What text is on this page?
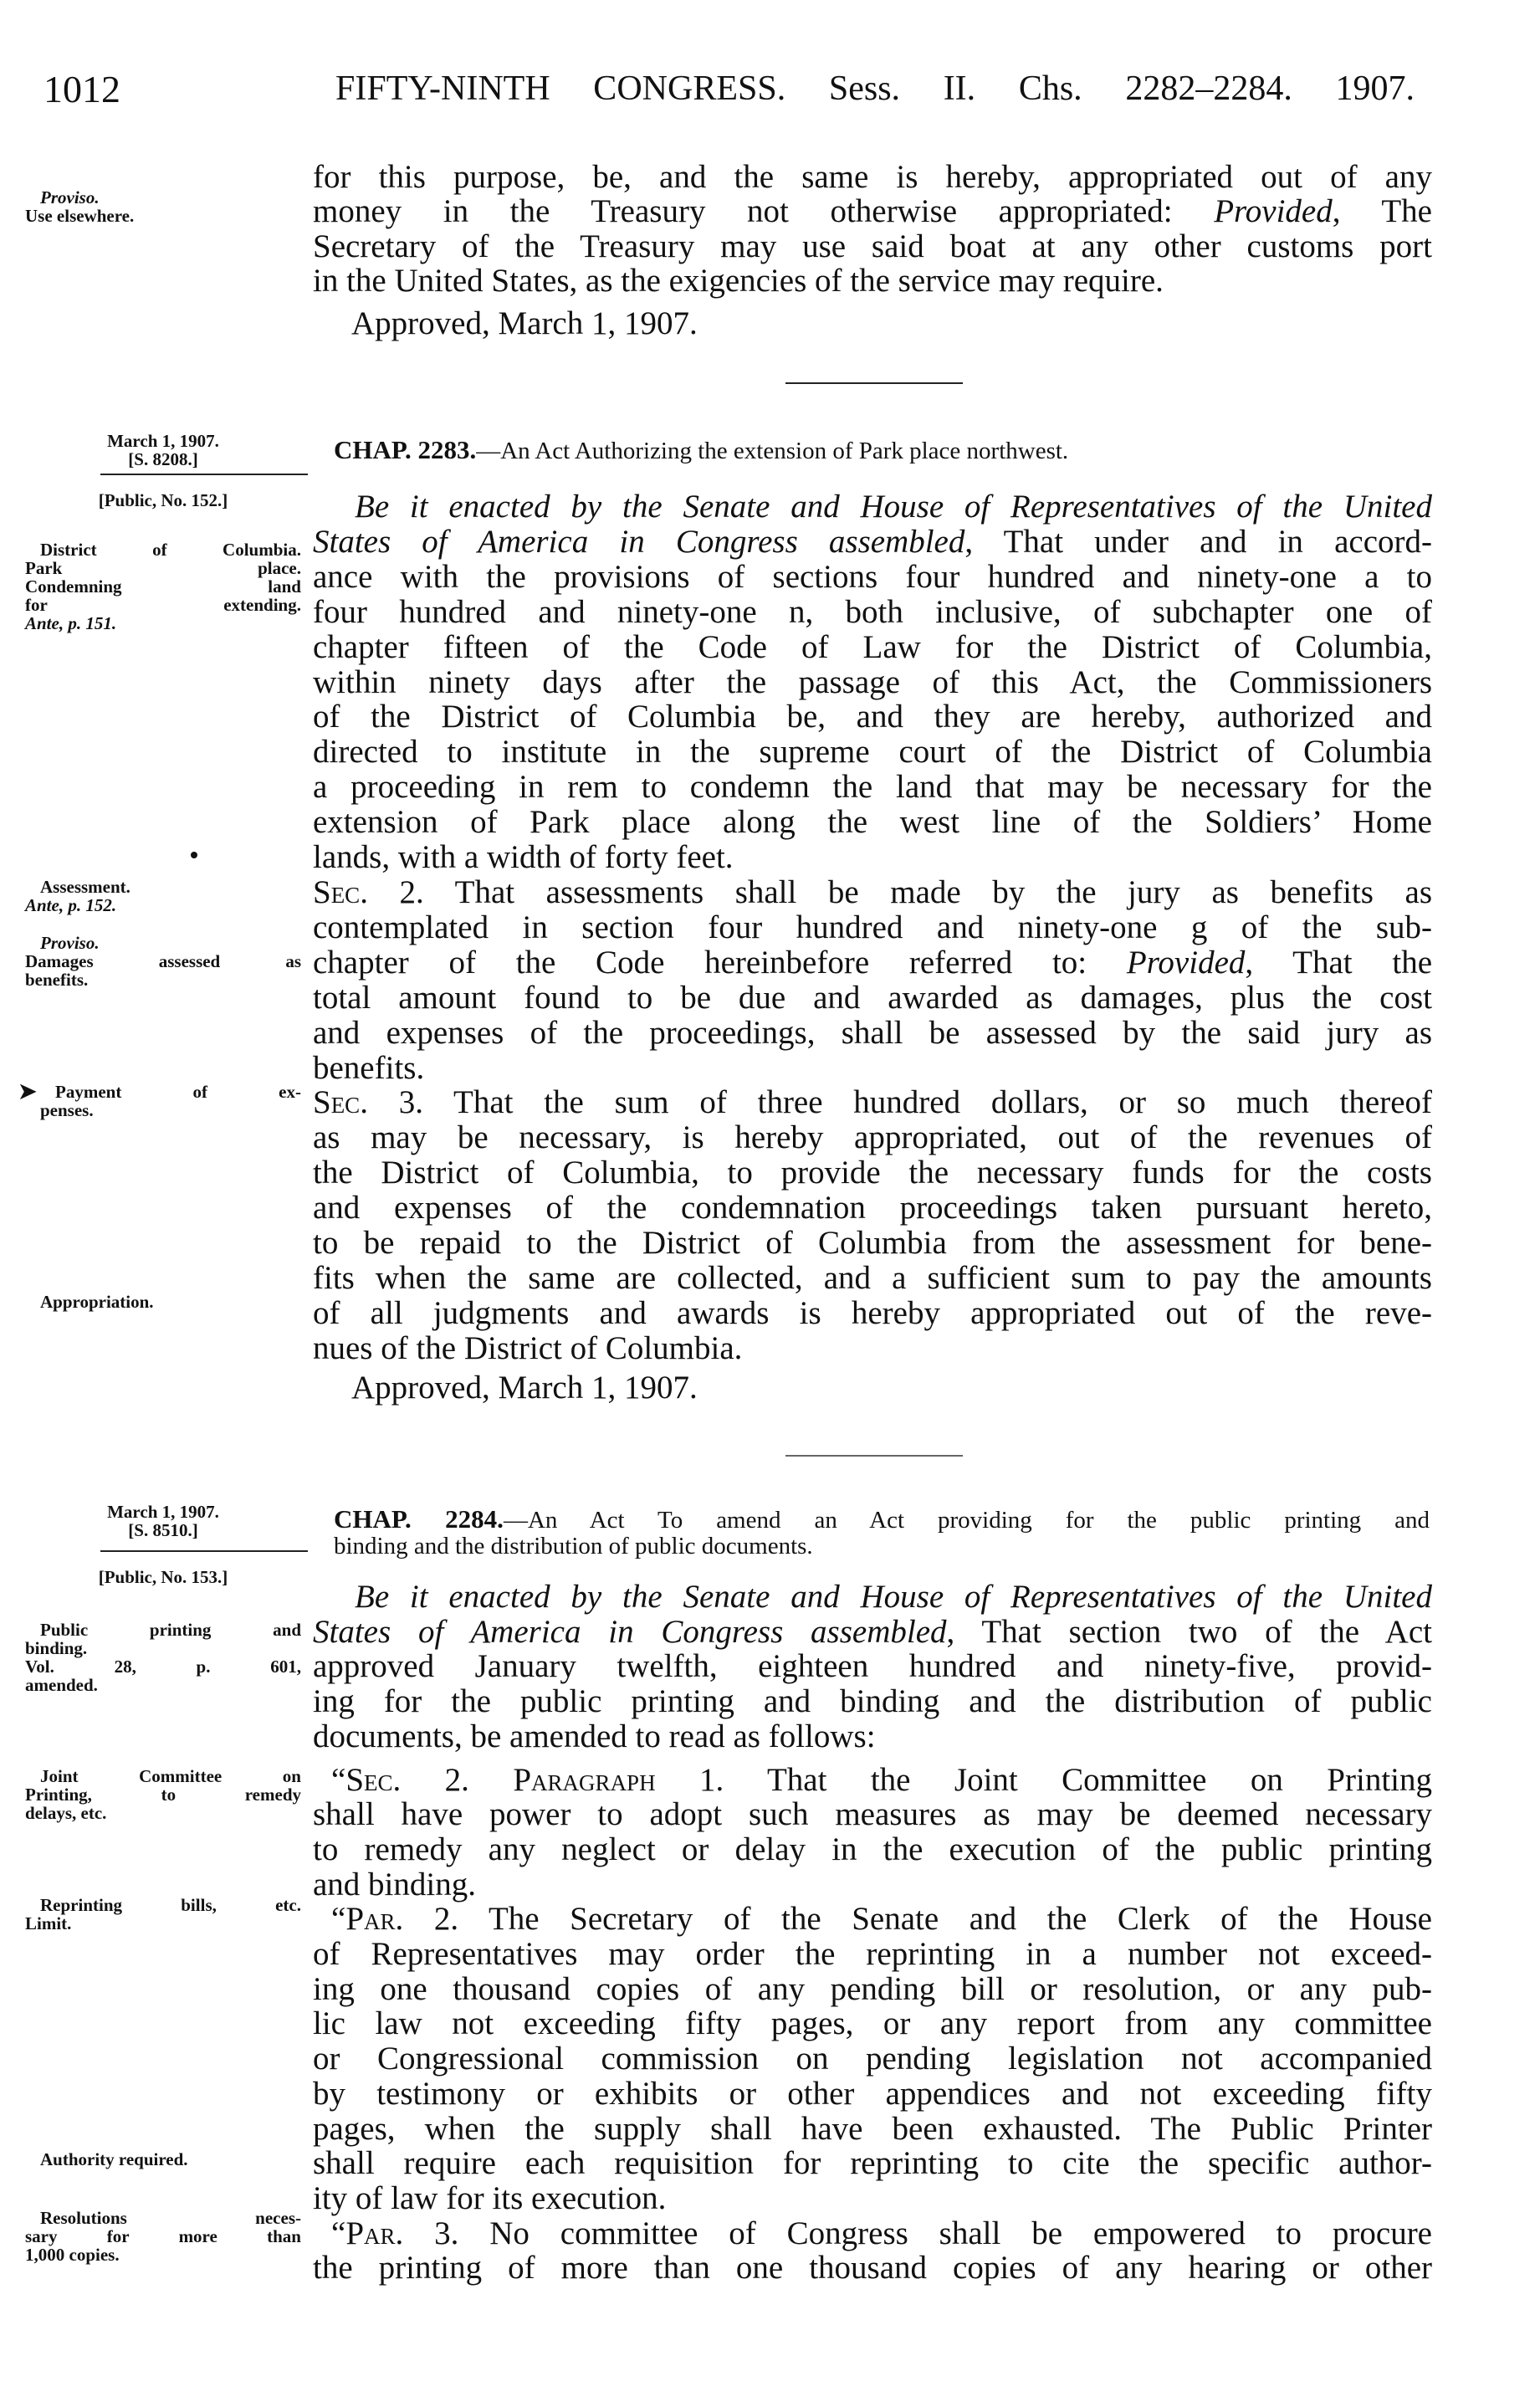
1012	FIFTY-NINTH CONGRESS. Sess. II. Chs. 2282–2284. 1907.
Proviso.
Use elsewhere.
for this purpose, be, and the same is hereby, appropriated out of any
money in the Treasury not otherwise appropriated: Provided, The
Secretary of the Treasury may use said boat at any other customs port
in the United States, as the exigencies of the service may require.
Approved, March 1, 1907.
March 1, 1907.
[S. 8208.]
[Public, No. 152.]
CHAP. 2283.—An Act Authorizing the extension of Park place northwest.
District of Columbia.
Park place.
Condemning land
for extending.
Ante, p. 151.
Assessment.
Ante, p. 152.
Proviso.
Damages assessed as
benefits.
➤	Payment of ex-
penses.
Appropriation.
Be it enacted by the Senate and House of Representatives of the United
States of America in Congress assembled, That under and in accord-
ance with the provisions of sections four hundred and ninety-one a to
four hundred and ninety-one n, both inclusive, of subchapter one of
chapter fifteen of the Code of Law for the District of Columbia,
within ninety days after the passage of this Act, the Commissioners
of the District of Columbia be, and they are hereby, authorized and
directed to institute in the supreme court of the District of Columbia
a proceeding in rem to condemn the land that may be necessary for the
extension of Park place along the west line of the Soldiers’ Home
lands, with a width of forty feet.
Sec. 2. That assessments shall be made by the jury as benefits as
contemplated in section four hundred and ninety-one g of the sub-
chapter of the Code hereinbefore referred to: Provided, That the
total amount found to be due and awarded as damages, plus the cost
and expenses of the proceedings, shall be assessed by the said jury as
benefits.
Sec. 3. That the sum of three hundred dollars, or so much thereof
as may be necessary, is hereby appropriated, out of the revenues of
the District of Columbia, to provide the necessary funds for the costs
and expenses of the condemnation proceedings taken pursuant hereto,
to be repaid to the District of Columbia from the assessment for bene-
fits when the same are collected, and a sufficient sum to pay the amounts
of all judgments and awards is hereby appropriated out of the reve-
nues of the District of Columbia.
Approved, March 1, 1907.
March 1, 1907.
[S. 8510.]
[Public, No. 153.]
CHAP. 2284.—An Act To amend an Act providing for the public printing and
binding and the distribution of public documents.
Public printing and
binding.
Vol. 28, p. 601,
amended.
Joint Committee on
Printing, to remedy
delays, etc.
Reprinting bills, etc.
Limit.
Authority required.
Resolutions neces-
sary for more than
1,000 copies.
Be it enacted by the Senate and House of Representatives of the United
States of America in Congress assembled, That section two of the Act
approved January twelfth, eighteen hundred and ninety-five, provid-
ing for the public printing and binding and the distribution of public
documents, be amended to read as follows:
“Sec. 2. Paragraph 1. That the Joint Committee on Printing
shall have power to adopt such measures as may be deemed necessary
to remedy any neglect or delay in the execution of the public printing
and binding.
“Par. 2. The Secretary of the Senate and the Clerk of the House
of Representatives may order the reprinting in a number not exceed-
ing one thousand copies of any pending bill or resolution, or any pub-
lic law not exceeding fifty pages, or any report from any committee
or Congressional commission on pending legislation not accompanied
by testimony or exhibits or other appendices and not exceeding fifty
pages, when the supply shall have been exhausted. The Public Printer
shall require each requisition for reprinting to cite the specific author-
ity of law for its execution.
“Par. 3. No committee of Congress shall be empowered to procure
the printing of more than one thousand copies of any hearing or other
